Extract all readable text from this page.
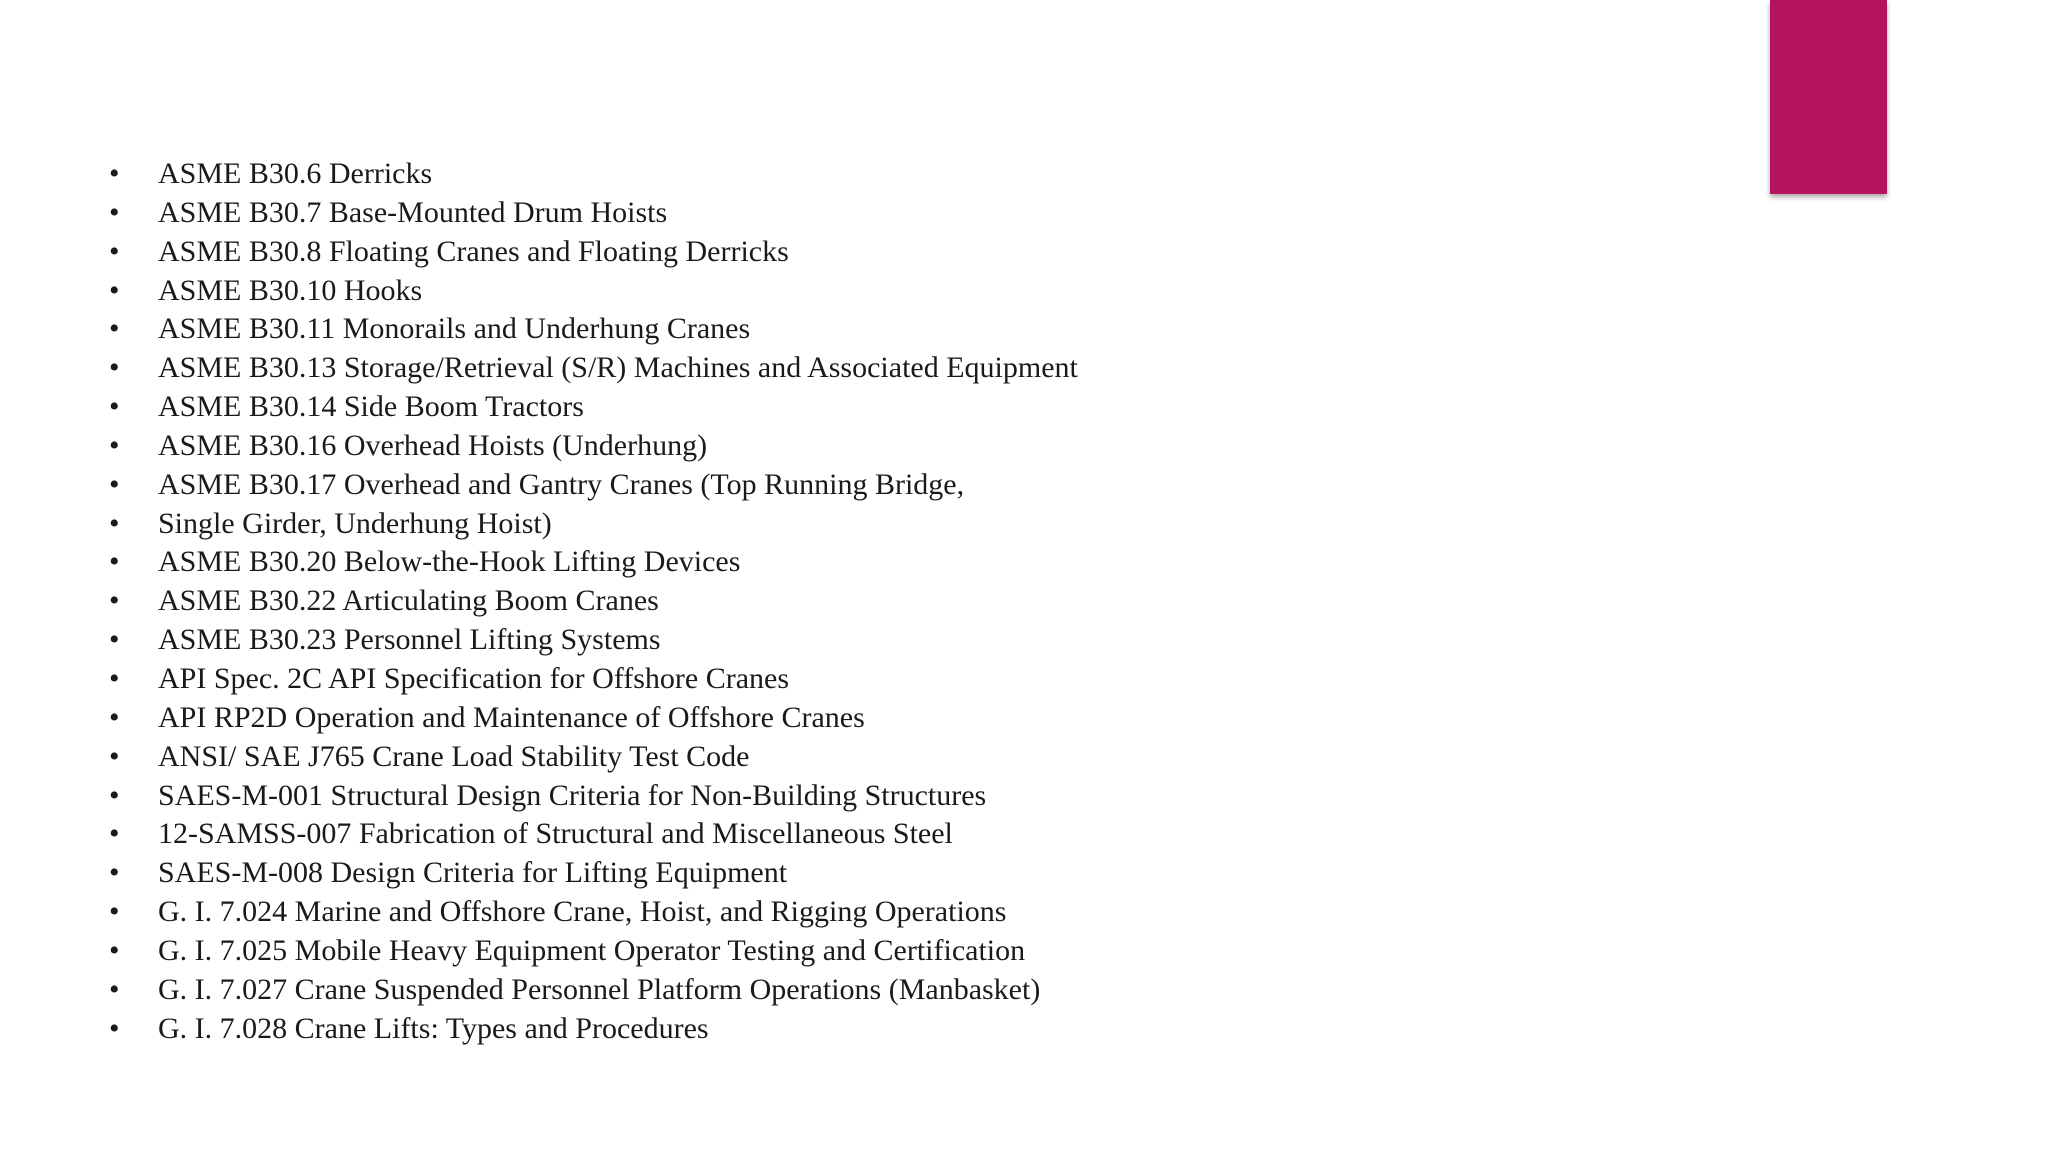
•	ASME B30.6 Derricks
•	ASME B30.7 Base-Mounted Drum Hoists
•	ASME B30.8 Floating Cranes and Floating Derricks
•	ASME B30.10 Hooks
•	ASME B30.11 Monorails and Underhung Cranes
•	ASME B30.13 Storage/Retrieval (S/R) Machines and Associated Equipment
•	ASME B30.14 Side Boom Tractors
•	ASME B30.16 Overhead Hoists (Underhung)
•	ASME B30.17 Overhead and Gantry Cranes (Top Running Bridge,
•	Single Girder, Underhung Hoist)
•	ASME B30.20 Below-the-Hook Lifting Devices
•	ASME B30.22 Articulating Boom Cranes
•	ASME B30.23 Personnel Lifting Systems
•	API Spec. 2C API Specification for Offshore Cranes
•	API RP2D Operation and Maintenance of Offshore Cranes
•	ANSI/ SAE J765 Crane Load Stability Test Code
•	SAES-M-001 Structural Design Criteria for Non-Building Structures
•	12-SAMSS-007 Fabrication of Structural and Miscellaneous Steel
•	SAES-M-008 Design Criteria for Lifting Equipment
•	G. I. 7.024 Marine and Offshore Crane, Hoist, and Rigging Operations
•	G. I. 7.025 Mobile Heavy Equipment Operator Testing and Certification
•	G. I. 7.027 Crane Suspended Personnel Platform Operations (Manbasket)
•	G. I. 7.028 Crane Lifts: Types and Procedures
